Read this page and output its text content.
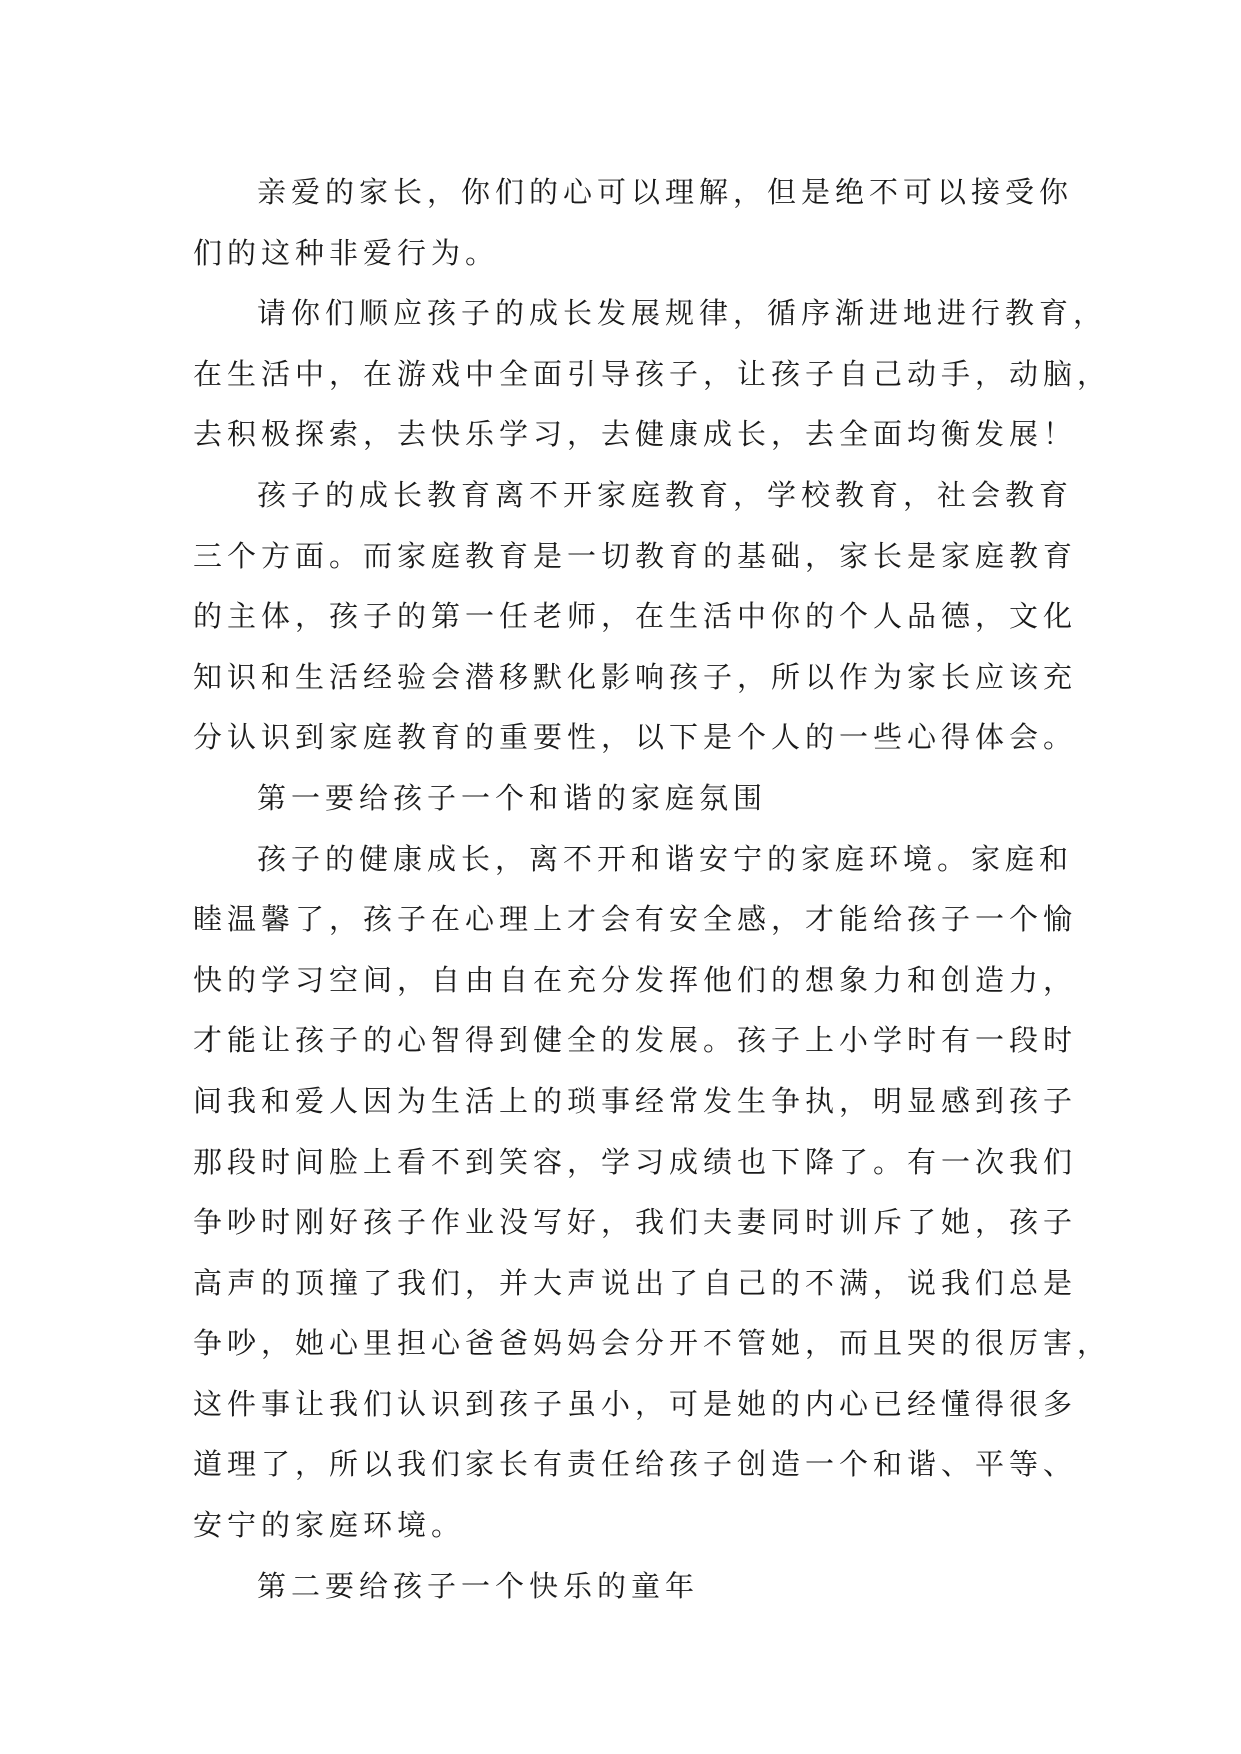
亲爱的家长，你们的心可以理解，但是绝不可以接受你
们的这种非爱行为。
请你们顺应孩子的成长发展规律，循序渐进地进行教育，
在生活中，在游戏中全面引导孩子，让孩子自己动手，动脑，
去积极探索，去快乐学习，去健康成长，去全面均衡发展！
孩子的成长教育离不开家庭教育，学校教育，社会教育
三个方面。而家庭教育是一切教育的基础，家长是家庭教育
的主体，孩子的第一任老师，在生活中你的个人品德，文化
知识和生活经验会潜移默化影响孩子，所以作为家长应该充
分认识到家庭教育的重要性，以下是个人的一些心得体会。
第一要给孩子一个和谐的家庭氛围
孩子的健康成长，离不开和谐安宁的家庭环境。家庭和
睦温馨了，孩子在心理上才会有安全感，才能给孩子一个愉
快的学习空间，自由自在充分发挥他们的想象力和创造力，
才能让孩子的心智得到健全的发展。孩子上小学时有一段时
间我和爱人因为生活上的琐事经常发生争执，明显感到孩子
那段时间脸上看不到笑容，学习成绩也下降了。有一次我们
争吵时刚好孩子作业没写好，我们夫妻同时训斥了她，孩子
高声的顶撞了我们，并大声说出了自己的不满，说我们总是
争吵，她心里担心爸爸妈妈会分开不管她，而且哭的很厉害，
这件事让我们认识到孩子虽小，可是她的内心已经懂得很多
道理了，所以我们家长有责任给孩子创造一个和谐、平等、
安宁的家庭环境。
第二要给孩子一个快乐的童年
